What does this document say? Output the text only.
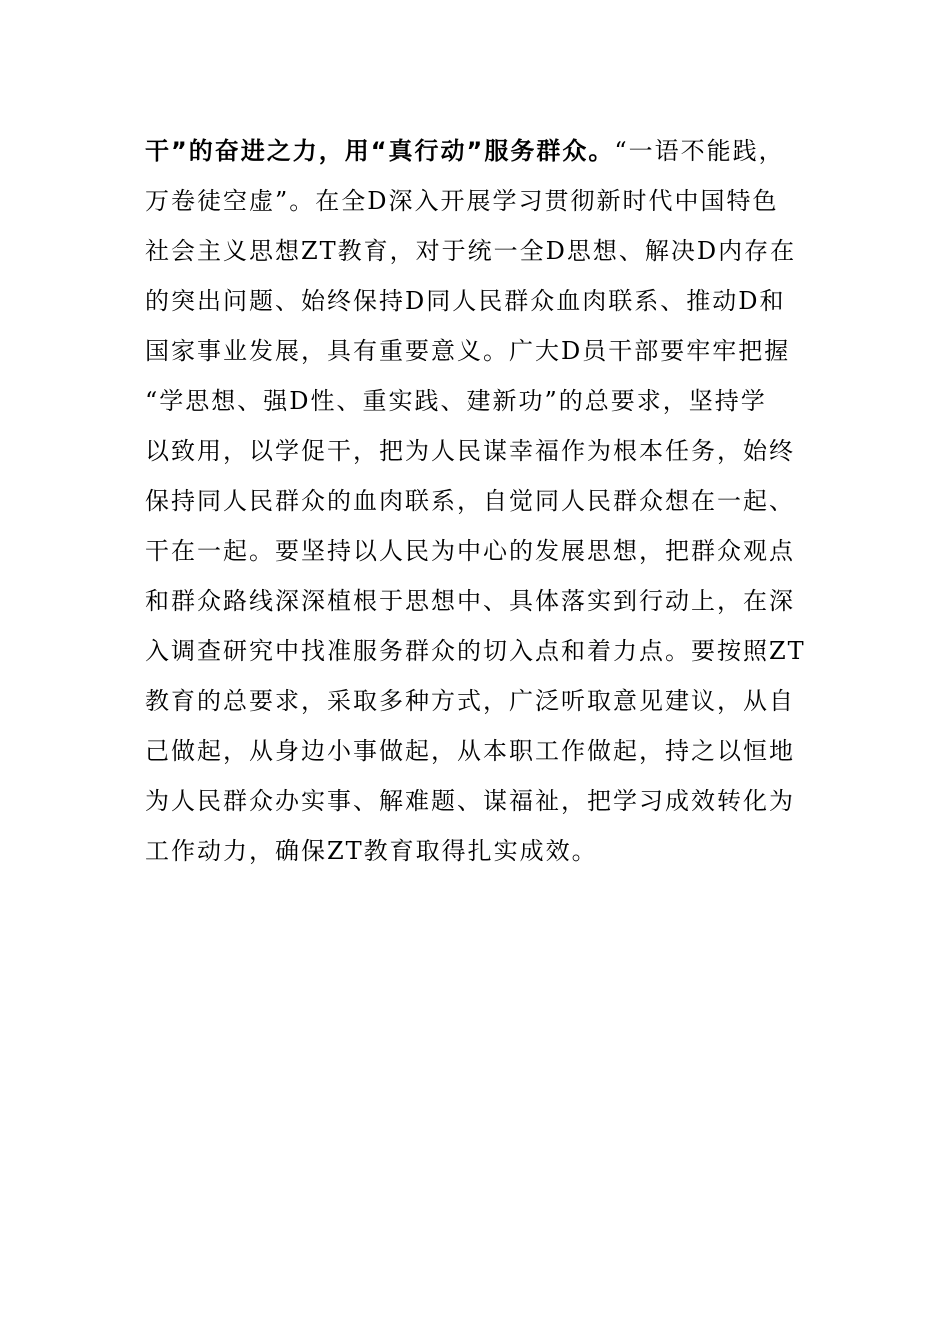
干”的奋进之力，用“真行动”服务群众。“一语不能践，
万卷徒空虚”。在全D深入开展学习贯彻新时代中国特色
社会主义思想ZT教育，对于统一全D思想、解决D内存在
的突出问题、始终保持D同人民群众血肉联系、推动D和
国家事业发展，具有重要意义。广大D员干部要牢牢把握
“学思想、强D性、重实践、建新功”的总要求，坚持学
以致用，以学促干，把为人民谋幸福作为根本任务，始终
保持同人民群众的血肉联系，自觉同人民群众想在一起、
干在一起。要坚持以人民为中心的发展思想，把群众观点
和群众路线深深植根于思想中、具体落实到行动上，在深
入调查研究中找准服务群众的切入点和着力点。要按照ZT
教育的总要求，采取多种方式，广泛听取意见建议，从自
己做起，从身边小事做起，从本职工作做起，持之以恒地
为人民群众办实事、解难题、谋福祉，把学习成效转化为
工作动力，确保ZT教育取得扎实成效。
